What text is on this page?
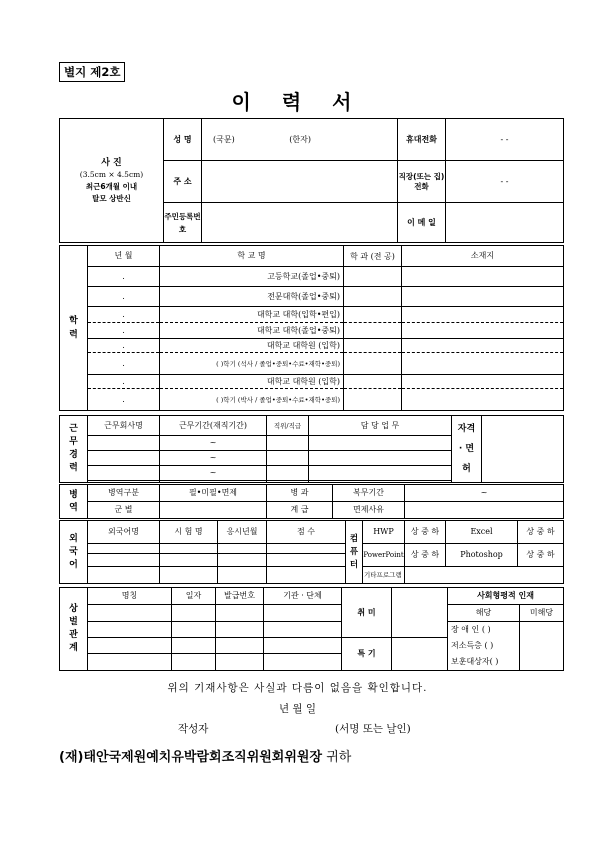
별지 제2호
이 력 서
사 진
(3.5cm × 4.5cm)
최근6개월 이내
탈모 상반신	성 명	(국문) (한자)	휴대전화	- -
	주 소		직장(또는 집) 전화	- -
	주민등록번호		이 메 일	
학 력	년 월	학 교 명	학 과 (전 공)	소재지
	.	고등학교(졸업•중퇴)		
	.	전문대학(졸업•중퇴)		
	.	대학교 대학(입학•편입)		
	.	대학교 대학(졸업•중퇴)		
	.	대학교 대학원 (입학)		
	.	( )학기 (석사 / 졸업•중퇴•수료•재학•중퇴)		
	.	대학교 대학원 (입학)		
	.	( )학기 (박사 / 졸업•중퇴•수료•재학•중퇴)		
근 무 경 력	근무회사명	근무기간(재직기간)	직위/직급	담 당 업 무	자격 · 면허	
		~				
		~				
		~				

병 역	병역구분	필•미필•면제	병 과	복무기간	~
	군 별		계 급	면제사유	
외 국 어	외국어명	시 험 명	응시년월	점 수	컴 퓨 터	HWP	상 중 하	Excel	상 중 하
						PowerPoint	상 중 하	Photoshop	상 중 하

						기타프로그램			
상벌 관계	명칭	일자	발급번호	기관 · 단체	취 미		사회형평적 인재	
							해당	미해당

							장 애 인 ( )
저소득층 ( )
보훈대상자( )	

					특 기			

위의 기재사항은 사실과 다름이 없음을 확인합니다.
년 월 일
작성자	(서명 또는 날인)
(재)태안국제원예치유박람회조직위원회위원장 귀하
